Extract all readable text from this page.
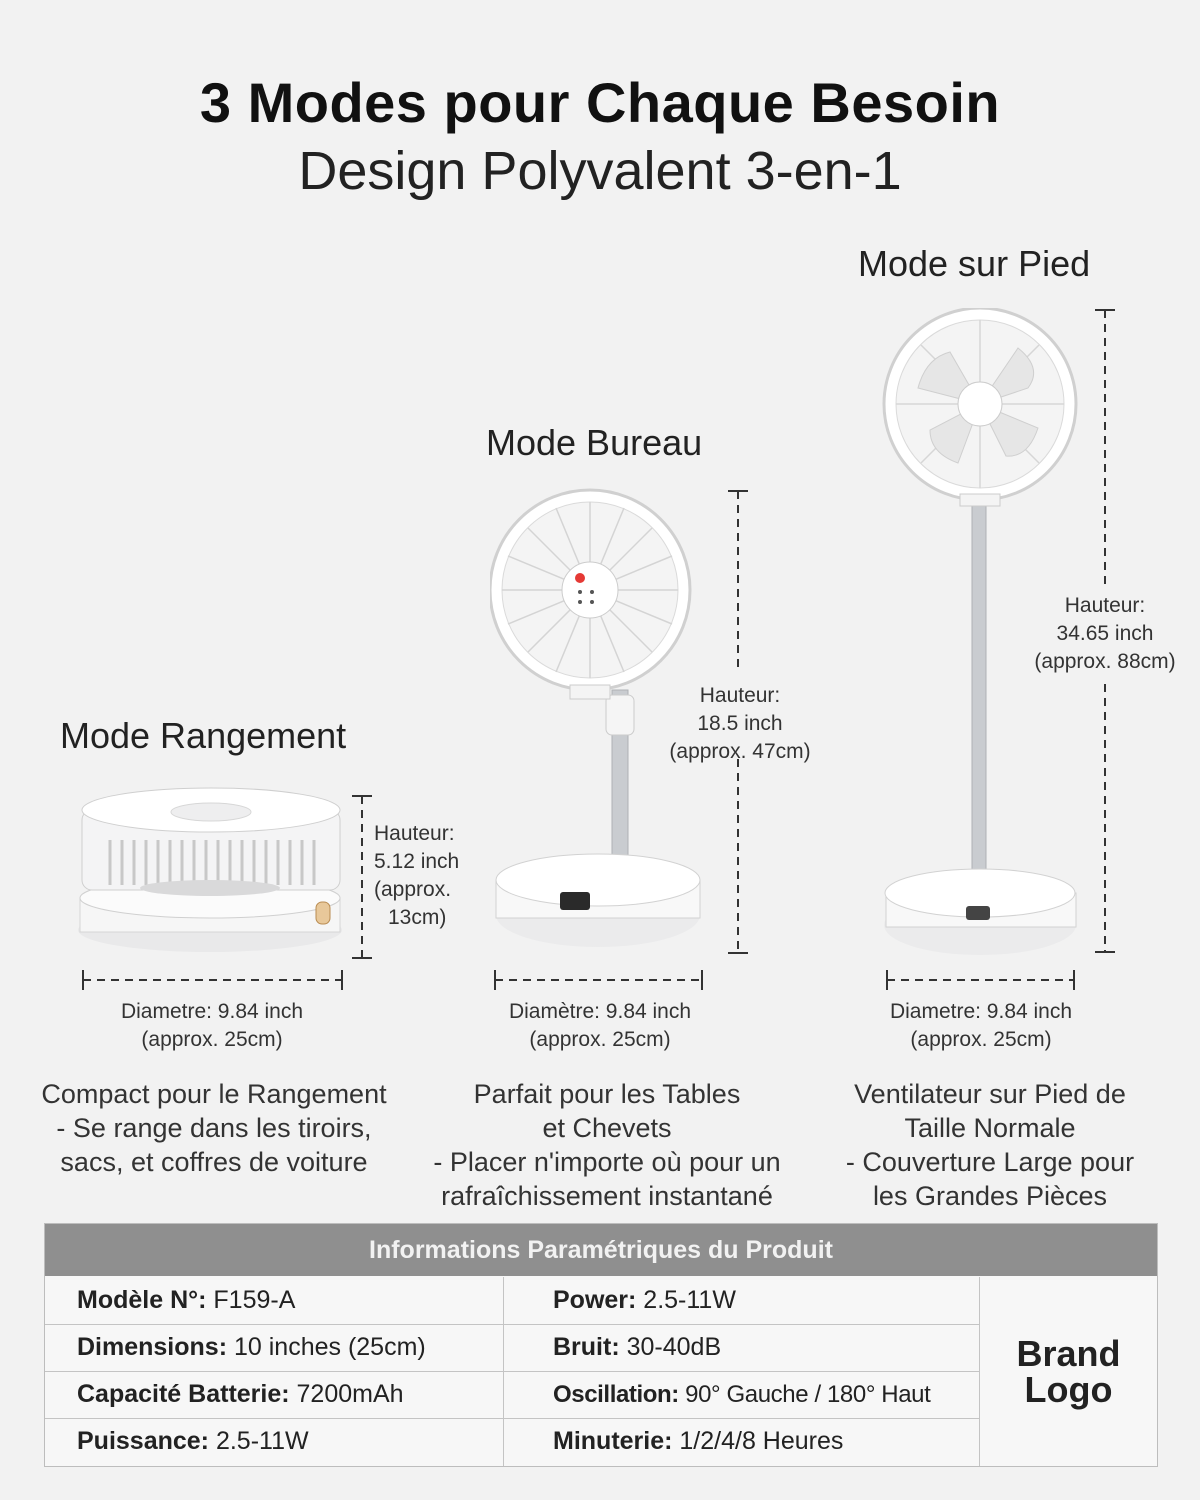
3 Modes pour Chaque Besoin
Design Polyvalent 3-en-1
Mode Rangement
Mode Bureau
Mode sur Pied
Hauteur:
5.12 inch
(approx.
13cm)
Hauteur:
18.5 inch
(approx. 47cm)
Hauteur:
34.65 inch
(approx. 88cm)
Diametre: 9.84 inch
(approx. 25cm)
Diamètre: 9.84 inch
(approx. 25cm)
Diametre: 9.84 inch
(approx. 25cm)
Compact pour le Rangement
- Se range dans les tiroirs,
sacs, et coffres de voiture
Parfait pour les Tables
et Chevets
- Placer n'importe où pour un
rafraîchissement instantané
Ventilateur sur Pied de
Taille Normale
- Couverture Large pour
les Grandes Pièces
Informations Paramétriques du Produit
Modèle N°: F159-A	Power: 2.5-11W
Dimensions: 10 inches (25cm)	Bruit: 30-40dB
Capacité Batterie: 7200mAh	Oscillation: 90° Gauche / 180° Haut
Puissance: 2.5-11W	Minuterie: 1/2/4/8 Heures
Brand
Logo
